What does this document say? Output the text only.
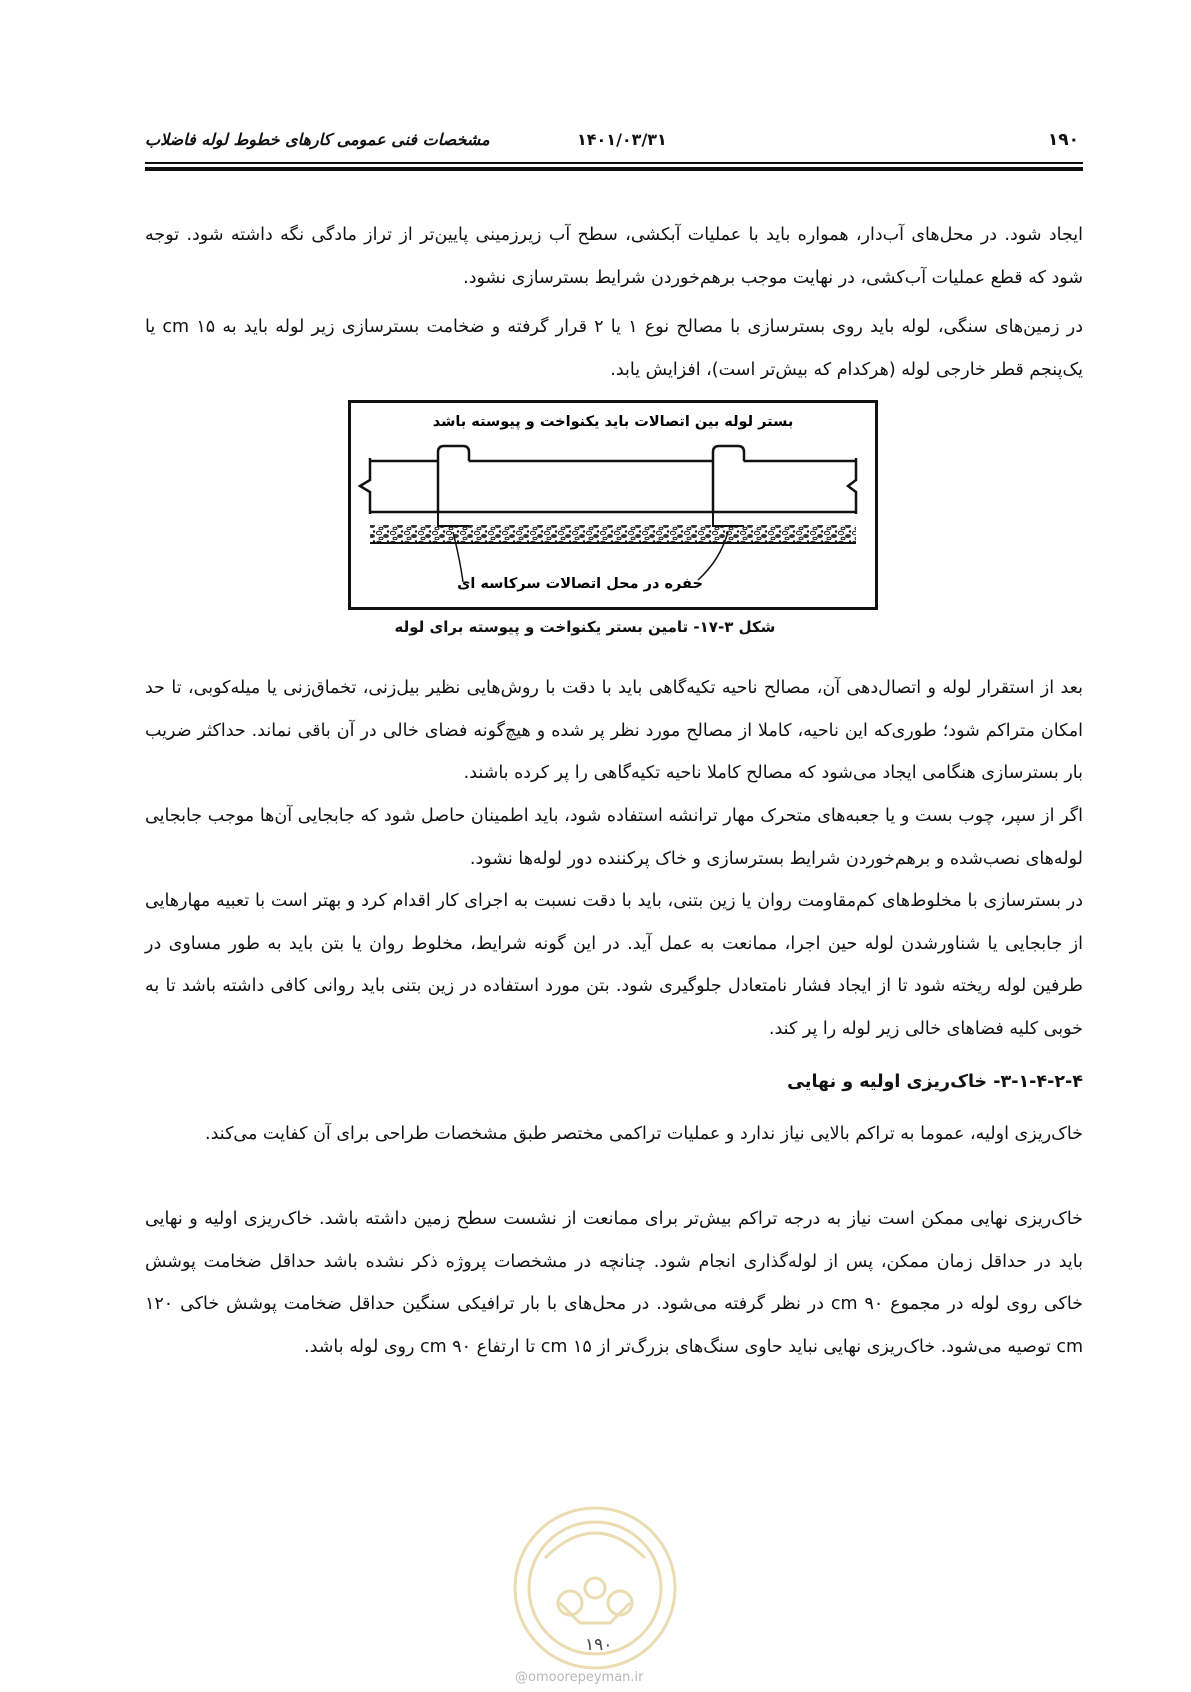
۱۹۰
۱۴۰۱/۰۳/۳۱
مشخصات فنی عمومی کارهای خطوط لوله فاضلاب

ایجاد شود. در محل‌های آب‌دار، همواره باید با عملیات آبکشی، سطح آب زیرزمینی پایین‌تر از تراز مادگی نگه داشته شود. توجه شود که قطع عملیات آب‌کشی، در نهایت موجب برهم‌خوردن شرایط بسترسازی نشود.

در زمین‌های سنگی، لوله باید روی بسترسازی با مصالح نوع ۱ یا ۲ قرار گرفته و ضخامت بسترسازی زیر لوله باید به ۱۵ cm یا یک‌پنجم قطر خارجی لوله (هرکدام که بیش‌تر است)، افزایش یابد.

بستر لوله بین اتصالات باید یکنواخت و پیوسته باشد
حفره در محل اتصالات سرکاسه ای
شکل ۳-۱۷- تامین بستر یکنواخت و پیوسته برای لوله

بعد از استقرار لوله و اتصال‌دهی آن، مصالح ناحیه تکیه‌گاهی باید با دقت با روش‌هایی نظیر بیل‌زنی، تخماق‌زنی یا میله‌کوبی، تا حد امکان متراکم شود؛ طوری‌که این ناحیه، کاملا از مصالح مورد نظر پر شده و هیچ‌گونه فضای خالی در آن باقی نماند. حداکثر ضریب بار بسترسازی هنگامی ایجاد می‌شود که مصالح کاملا ناحیه تکیه‌گاهی را پر کرده باشند.

اگر از سپر، چوب بست و یا جعبه‌های متحرک مهار ترانشه استفاده شود، باید اطمینان حاصل شود که جابجایی آن‌ها موجب جابجایی لوله‌های نصب‌شده و برهم‌خوردن شرایط بسترسازی و خاک پرکننده دور لوله‌ها نشود.

در بسترسازی با مخلوط‌های کم‌مقاومت روان یا زین بتنی، باید با دقت نسبت به اجرای کار اقدام کرد و بهتر است با تعبیه مهارهایی از جابجایی یا شناورشدن لوله حین اجرا، ممانعت به عمل آید. در این گونه شرایط، مخلوط روان یا بتن باید به طور مساوی در طرفین لوله ریخته شود تا از ایجاد فشار نامتعادل جلوگیری شود. بتن مورد استفاده در زین بتنی باید روانی کافی داشته باشد تا به خوبی کلیه فضاهای خالی زیر لوله را پر کند.

۳-۱-۴-۲-۴- خاک‌ریزی اولیه و نهایی

خاک‌ریزی اولیه، عموما به تراکم بالایی نیاز ندارد و عملیات تراکمی مختصر طبق مشخصات طراحی برای آن کفایت می‌کند.

خاک‌ریزی نهایی ممکن است نیاز به درجه تراکم بیش‌تر برای ممانعت از نشست سطح زمین داشته باشد. خاک‌ریزی اولیه و نهایی باید در حداقل زمان ممکن، پس از لوله‌گذاری انجام شود. چنانچه در مشخصات پروژه ذکر نشده باشد حداقل ضخامت پوشش خاکی روی لوله در مجموع ۹۰ cm در نظر گرفته می‌شود. در محل‌های با بار ترافیکی سنگین حداقل ضخامت پوشش خاکی ۱۲۰ cm توصیه می‌شود. خاک‌ریزی نهایی نباید حاوی سنگ‌های بزرگ‌تر از ۱۵ cm تا ارتفاع ۹۰ cm روی لوله باشد.

۱۹۰
@omoorepeyman.ir
